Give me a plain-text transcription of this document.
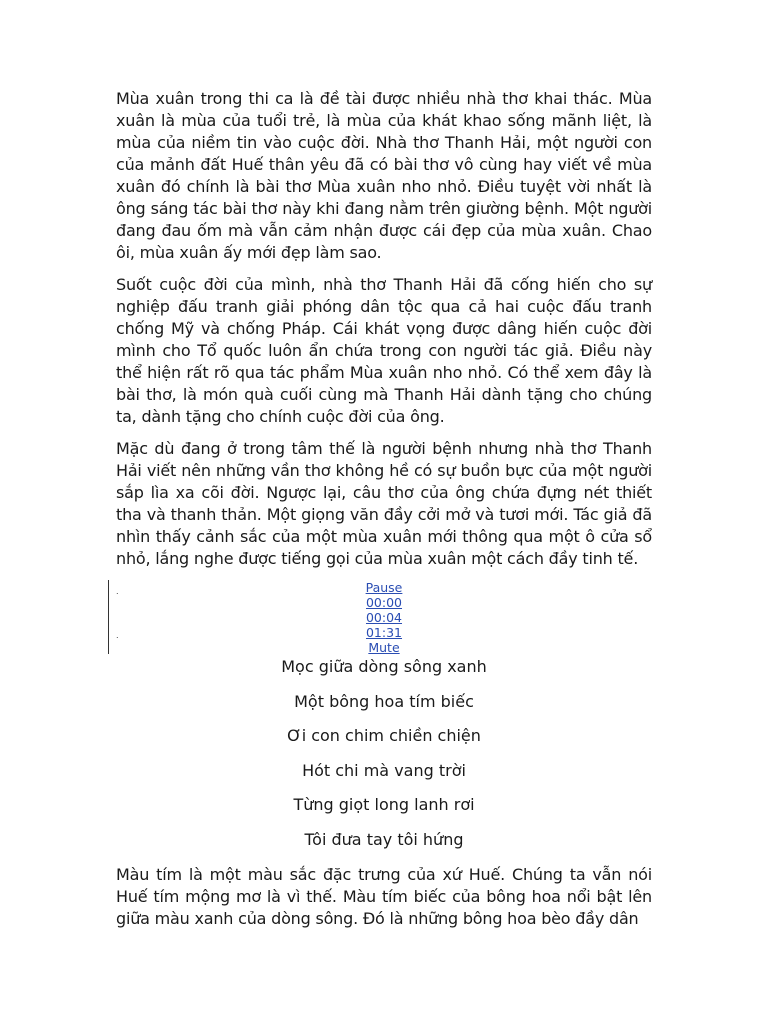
Mùa xuân trong thi ca là đề tài được nhiều nhà thơ khai thác. Mùa xuân là mùa của tuổi trẻ, là mùa của khát khao sống mãnh liệt, là mùa của niềm tin vào cuộc đời. Nhà thơ Thanh Hải, một người con của mảnh đất Huế thân yêu đã có bài thơ vô cùng hay viết về mùa xuân đó chính là bài thơ Mùa xuân nho nhỏ. Điều tuyệt vời nhất là ông sáng tác bài thơ này khi đang nằm trên giường bệnh. Một người đang đau ốm mà vẫn cảm nhận được cái đẹp của mùa xuân. Chao ôi, mùa xuân ấy mới đẹp làm sao.

Suốt cuộc đời của mình, nhà thơ Thanh Hải đã cống hiến cho sự nghiệp đấu tranh giải phóng dân tộc qua cả hai cuộc đấu tranh chống Mỹ và chống Pháp. Cái khát vọng được dâng hiến cuộc đời mình cho Tổ quốc luôn ẩn chứa trong con người tác giả. Điều này thể hiện rất rõ qua tác phẩm Mùa xuân nho nhỏ. Có thể xem đây là bài thơ, là món quà cuối cùng mà Thanh Hải dành tặng cho chúng ta, dành tặng cho chính cuộc đời của ông.

Mặc dù đang ở trong tâm thế là người bệnh nhưng nhà thơ Thanh Hải viết nên những vần thơ không hề có sự buồn bực của một người sắp lìa xa cõi đời. Ngược lại, câu thơ của ông chứa đựng nét thiết tha và thanh thản. Một giọng văn đầy cởi mở và tươi mới. Tác giả đã nhìn thấy cảnh sắc của một mùa xuân mới thông qua một ô cửa sổ nhỏ, lắng nghe được tiếng gọi của mùa xuân một cách đầy tinh tế.

.
.
Pause
00:00
00:04
01:31
Mute
Mọc giữa dòng sông xanh
Một bông hoa tím biếc
Ơi con chim chiền chiện
Hót chi mà vang trời
Từng giọt long lanh rơi
Tôi đưa tay tôi hứng

Màu tím là một màu sắc đặc trưng của xứ Huế. Chúng ta vẫn nói Huế tím mộng mơ là vì thế. Màu tím biếc của bông hoa nổi bật lên giữa màu xanh của dòng sông. Đó là những bông hoa bèo đầy dân
